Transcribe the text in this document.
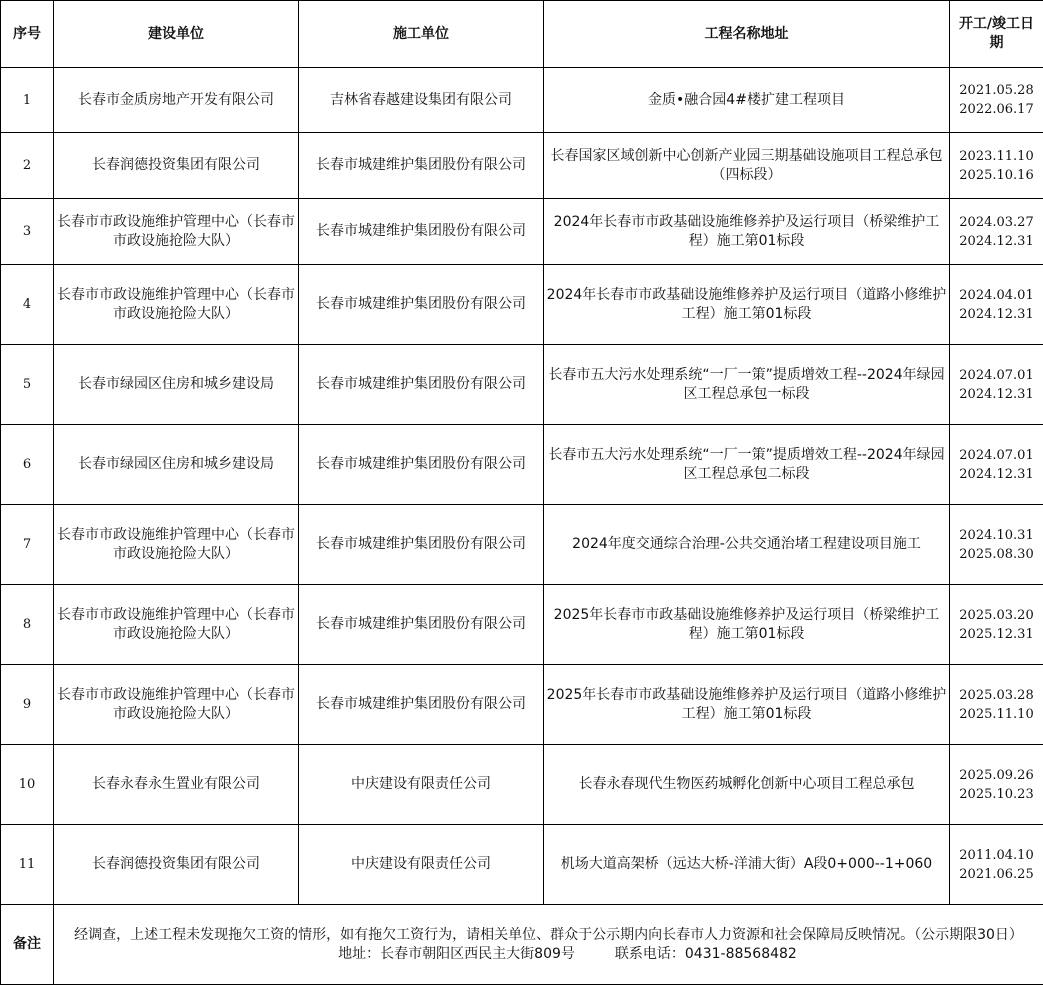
序号	建设单位	施工单位	工程名称地址	开工/竣工日期
1	长春市金质房地产开发有限公司	吉林省春越建设集团有限公司	金质•融合园4#楼扩建工程项目	2021.05.28
2022.06.17

2	长春润德投资集团有限公司	长春市城建维护集团股份有限公司	长春国家区域创新中心创新产业园三期基础设施项目工程总承包（四标段）	2023.11.10
2025.10.16

3	长春市市政设施维护管理中心（长春市市政设施抢险大队）	长春市城建维护集团股份有限公司	2024年长春市市政基础设施维修养护及运行项目（桥梁维护工程）施工第01标段	2024.03.27
2024.12.31

4	长春市市政设施维护管理中心（长春市市政设施抢险大队）	长春市城建维护集团股份有限公司	2024年长春市市政基础设施维修养护及运行项目（道路小修维护工程）施工第01标段	2024.04.01
2024.12.31

5	长春市绿园区住房和城乡建设局	长春市城建维护集团股份有限公司	长春市五大污水处理系统“一厂一策”提质增效工程--2024年绿园区工程总承包一标段	2024.07.01
2024.12.31

6	长春市绿园区住房和城乡建设局	长春市城建维护集团股份有限公司	长春市五大污水处理系统“一厂一策”提质增效工程--2024年绿园区工程总承包二标段	2024.07.01
2024.12.31

7	长春市市政设施维护管理中心（长春市市政设施抢险大队）	长春市城建维护集团股份有限公司	2024年度交通综合治理-公共交通治堵工程建设项目施工	2024.10.31
2025.08.30

8	长春市市政设施维护管理中心（长春市市政设施抢险大队）	长春市城建维护集团股份有限公司	2025年长春市市政基础设施维修养护及运行项目（桥梁维护工程）施工第01标段	2025.03.20
2025.12.31

9	长春市市政设施维护管理中心（长春市市政设施抢险大队）	长春市城建维护集团股份有限公司	2025年长春市市政基础设施维修养护及运行项目（道路小修维护工程）施工第01标段	2025.03.28
2025.11.10

10	长春永春永生置业有限公司	中庆建设有限责任公司	长春永春现代生物医药城孵化创新中心项目工程总承包	2025.09.26
2025.10.23

11	长春润德投资集团有限公司	中庆建设有限责任公司	机场大道高架桥（远达大桥-洋浦大街）A段0+000--1+060	2011.04.10
2021.06.25

备注	经调查，上述工程未发现拖欠工资的情形，如有拖欠工资行为，请相关单位、群众于公示期内向长春市人力资源和社会保障局反映情况。（公示期限30日）
地址：长春市朝阳区西民主大街809号 联系电话：0431-88568482			
